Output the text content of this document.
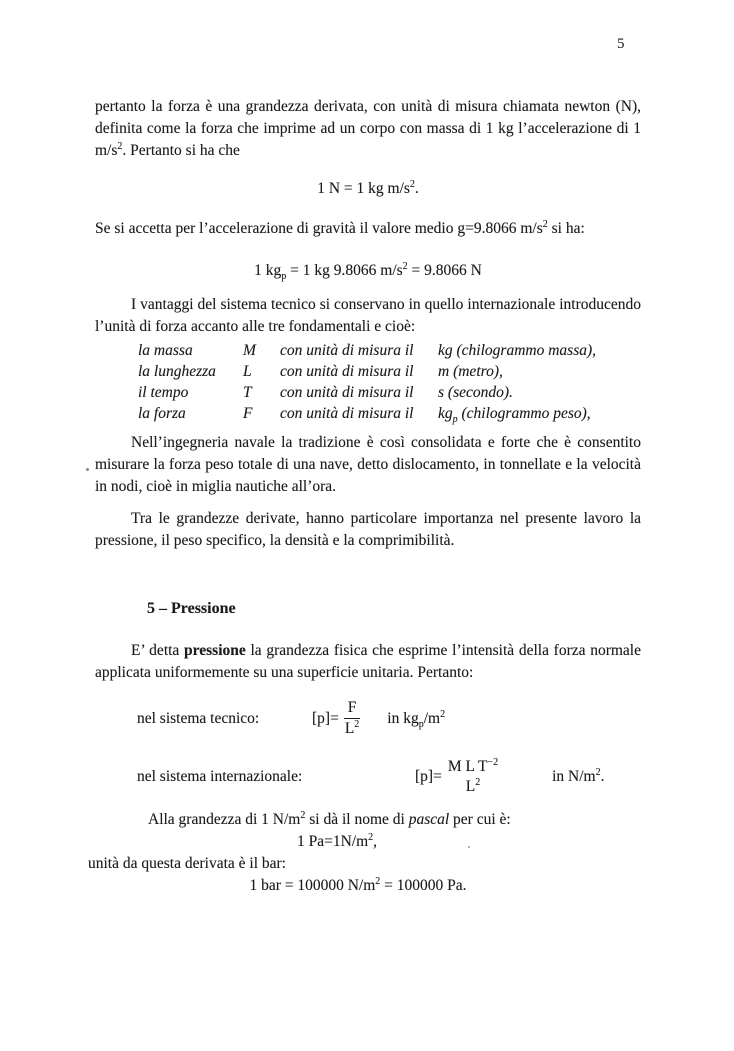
5

pertanto la forza è una grandezza derivata, con unità di misura chiamata newton (N), definita come la forza che imprime ad un corpo con massa di 1 kg l’accelerazione di 1 $m/s^2$. Pertanto si ha che

1 N = 1 kg $m/s^2$.

Se si accetta per l’accelerazione di gravità il valore medio g=9.8066 $m/s^2$ si ha:

1 $kg_p = 1$ kg 9.8066 $m/s^2 = 9.8066$ N

I vantaggi del sistema tecnico si conservano in quello internazionale introducendo l’unità di forza accanto alle tre fondamentali e cioè:

la massa	M	con unità di misura il	kg (chilogrammo massa),
la lunghezza	L	con unità di misura il	m (metro),
il tempo	T	con unità di misura il	s (secondo).
la forza	F	con unità di misura il	$kg_p$ (chilogrammo peso),

Nell’ingegneria navale la tradizione è così consolidata e forte che è consentito misurare la forza peso totale di una nave, detto dislocamento, in tonnellate e la velocità in nodi, cioè in miglia nautiche all’ora.

Tra le grandezze derivate, hanno particolare importanza nel presente lavoro la pressione, il peso specifico, la densità e la comprimibilità.

5 – Pressione

E’ detta pressione la grandezza fisica che esprime l’intensità della forza normale applicata uniformemente su una superficie unitaria. Pertanto:

nel sistema tecnico:	$[p]= \frac{F}{L^2}$ in $kg_p/m^2$
nel sistema internazionale:	[p]=
M L $T^{-2}$
$L^2$	in $N/m^2$.

Alla grandezza di 1 $N/m^2$ si dà il nome di pascal per cui è:

1 $Pa=1N/m^2$,

unità da questa derivata è il bar:

1 bar = 100000 $N/m^2 = 100000$ Pa.
